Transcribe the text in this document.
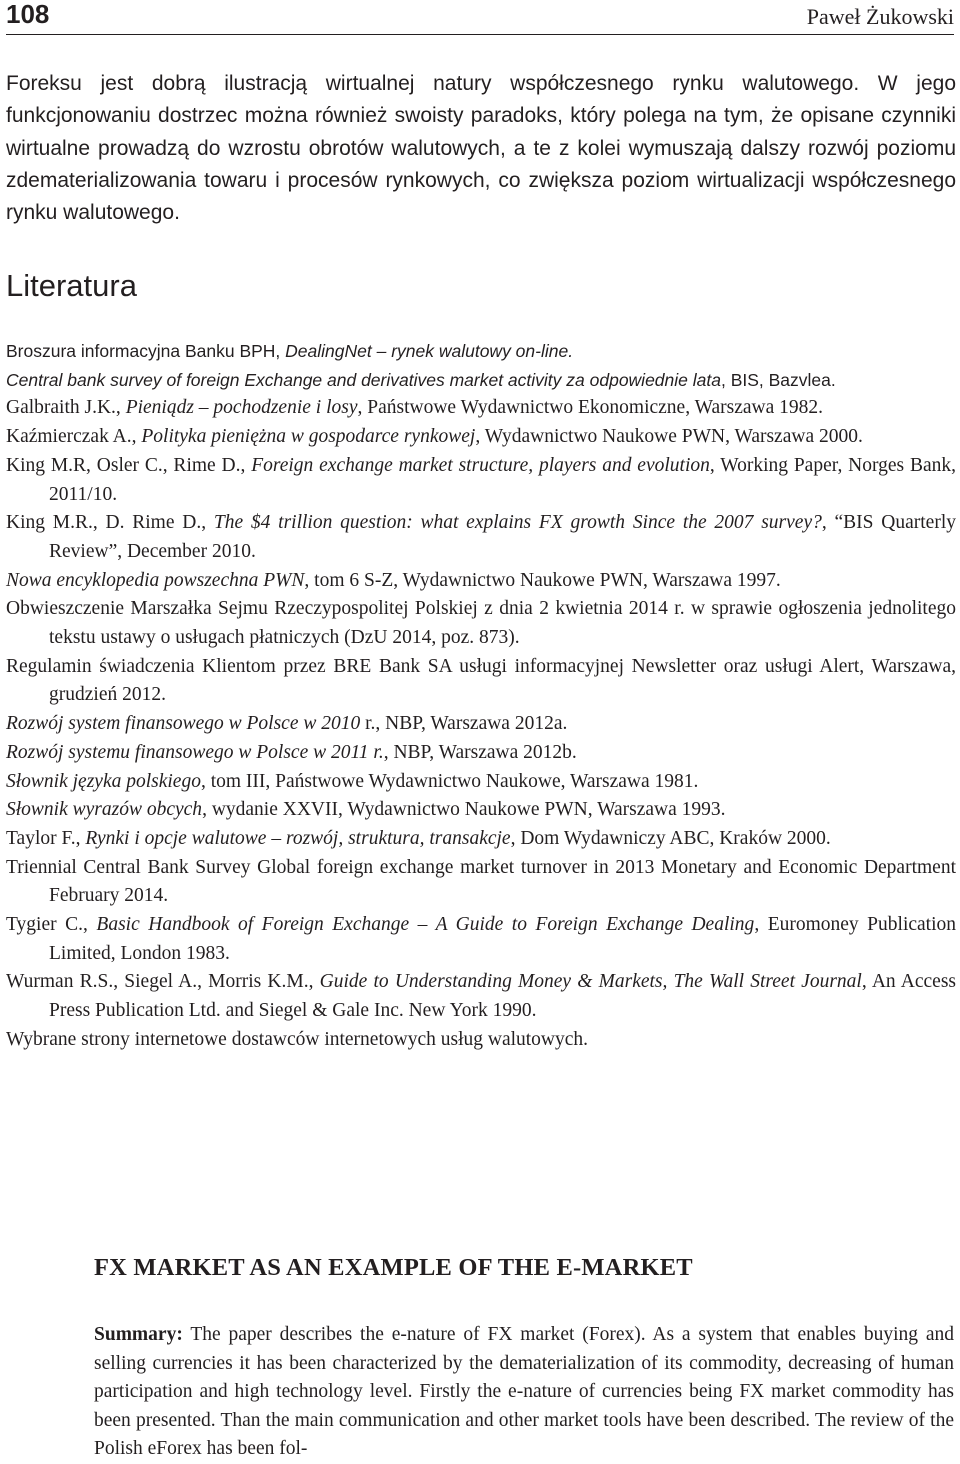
108	Paweł Żukowski

Foreksu jest dobrą ilustracją wirtualnej natury współczesnego rynku walutowego. W jego funkcjonowaniu dostrzec można również swoisty paradoks, który polega na tym, że opisane czynniki wirtualne prowadzą do wzrostu obrotów walutowych, a te z kolei wymuszają dalszy rozwój poziomu zdematerializowania towaru i procesów rynkowych, co zwiększa poziom wirtualizacji współczesnego rynku walutowego.

Literatura
Broszura informacyjna Banku BPH, DealingNet – rynek walutowy on-line.
Central bank survey of foreign Exchange and derivatives market activity za odpowiednie lata, BIS, Bazvlea.
Galbraith J.K., Pieniądz – pochodzenie i losy, Państwowe Wydawnictwo Ekonomiczne, Warszawa 1982.
Kaźmierczak A., Polityka pieniężna w gospodarce rynkowej, Wydawnictwo Naukowe PWN, Warszawa 2000.
King M.R, Osler C., Rime D., Foreign exchange market structure, players and evolution, Working Paper, Norges Bank, 2011/10.
King M.R., D. Rime D., The $4 trillion question: what explains FX growth Since the 2007 survey?, “BIS Quarterly Review”, December 2010.
Nowa encyklopedia powszechna PWN, tom 6 S-Z, Wydawnictwo Naukowe PWN, Warszawa 1997.
Obwieszczenie Marszałka Sejmu Rzeczypospolitej Polskiej z dnia 2 kwietnia 2014 r. w sprawie ogłoszenia jednolitego tekstu ustawy o usługach płatniczych (DzU 2014, poz. 873).
Regulamin świadczenia Klientom przez BRE Bank SA usługi informacyjnej Newsletter oraz usługi Alert, Warszawa, grudzień 2012.
Rozwój system finansowego w Polsce w 2010 r., NBP, Warszawa 2012a.
Rozwój systemu finansowego w Polsce w 2011 r., NBP, Warszawa 2012b.
Słownik języka polskiego, tom III, Państwowe Wydawnictwo Naukowe, Warszawa 1981.
Słownik wyrazów obcych, wydanie XXVII, Wydawnictwo Naukowe PWN, Warszawa 1993.
Taylor F., Rynki i opcje walutowe – rozwój, struktura, transakcje, Dom Wydawniczy ABC, Kraków 2000.
Triennial Central Bank Survey Global foreign exchange market turnover in 2013 Monetary and Economic Department February 2014.
Tygier C., Basic Handbook of Foreign Exchange – A Guide to Foreign Exchange Dealing, Euromoney Publication Limited, London 1983.
Wurman R.S., Siegel A., Morris K.M., Guide to Understanding Money & Markets, The Wall Street Journal, An Access Press Publication Ltd. and Siegel & Gale Inc. New York 1990.
Wybrane strony internetowe dostawców internetowych usług walutowych.
FX MARKET AS AN EXAMPLE OF THE E-MARKET

Summary: The paper describes the e-nature of FX market (Forex). As a system that enables buying and selling currencies it has been characterized by the dematerialization of its commodity, decreasing of human participation and high technology level. Firstly the e-nature of currencies being FX market commodity has been presented. Than the main communication and other market tools have been described. The review of the Polish eForex has been fol-
